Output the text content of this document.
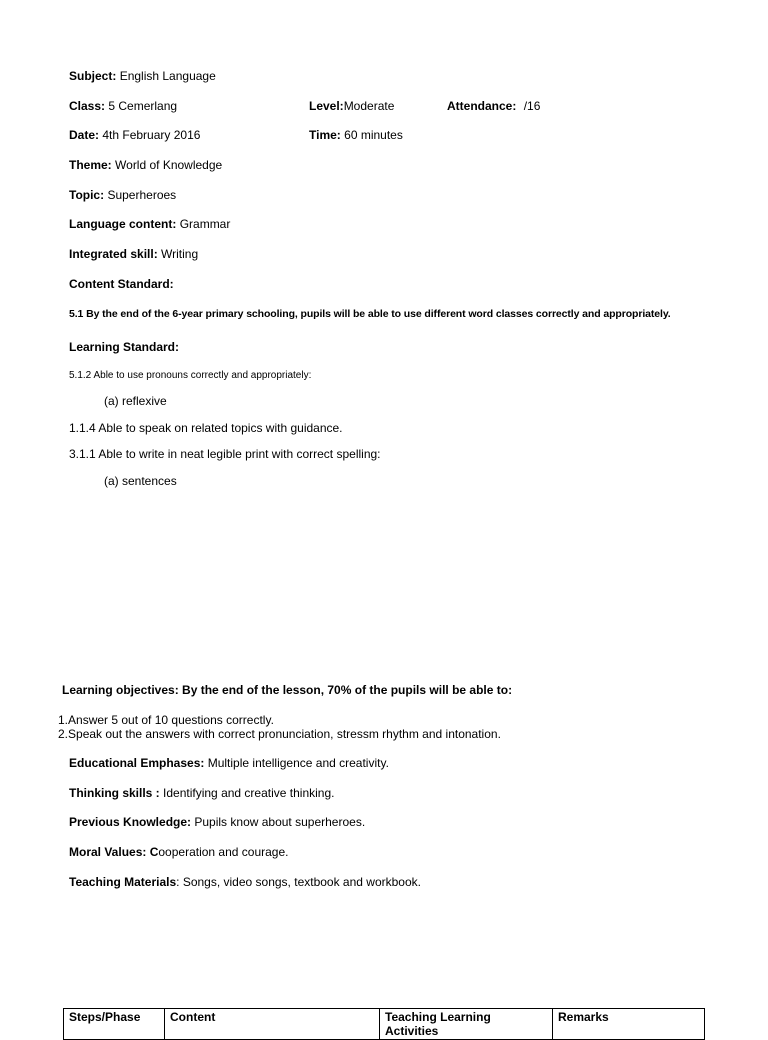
Subject: English Language
Class: 5 Cemerlang	Level:Moderate	Attendance: /16
Date: 4th February 2016	Time: 60 minutes
Theme: World of Knowledge
Topic: Superheroes
Language content: Grammar
Integrated skill: Writing
Content Standard:
5.1 By the end of the 6-year primary schooling, pupils will be able to use different word classes correctly and appropriately.
Learning Standard:
5.1.2 Able to use pronouns correctly and appropriately:
(a) reflexive
1.1.4 Able to speak on related topics with guidance.
3.1.1 Able to write in neat legible print with correct spelling:
(a) sentences
Learning objectives: By the end of the lesson, 70% of the pupils will be able to:
1.Answer 5 out of 10 questions correctly.
2.Speak out the answers with correct pronunciation, stressm rhythm and intonation.
Educational Emphases: Multiple intelligence and creativity.
Thinking skills : Identifying and creative thinking.
Previous Knowledge: Pupils know about superheroes.
Moral Values: Cooperation and courage.
Teaching Materials: Songs, video songs, textbook and workbook.
Steps/Phase	Content	Teaching Learning Activities	Remarks
